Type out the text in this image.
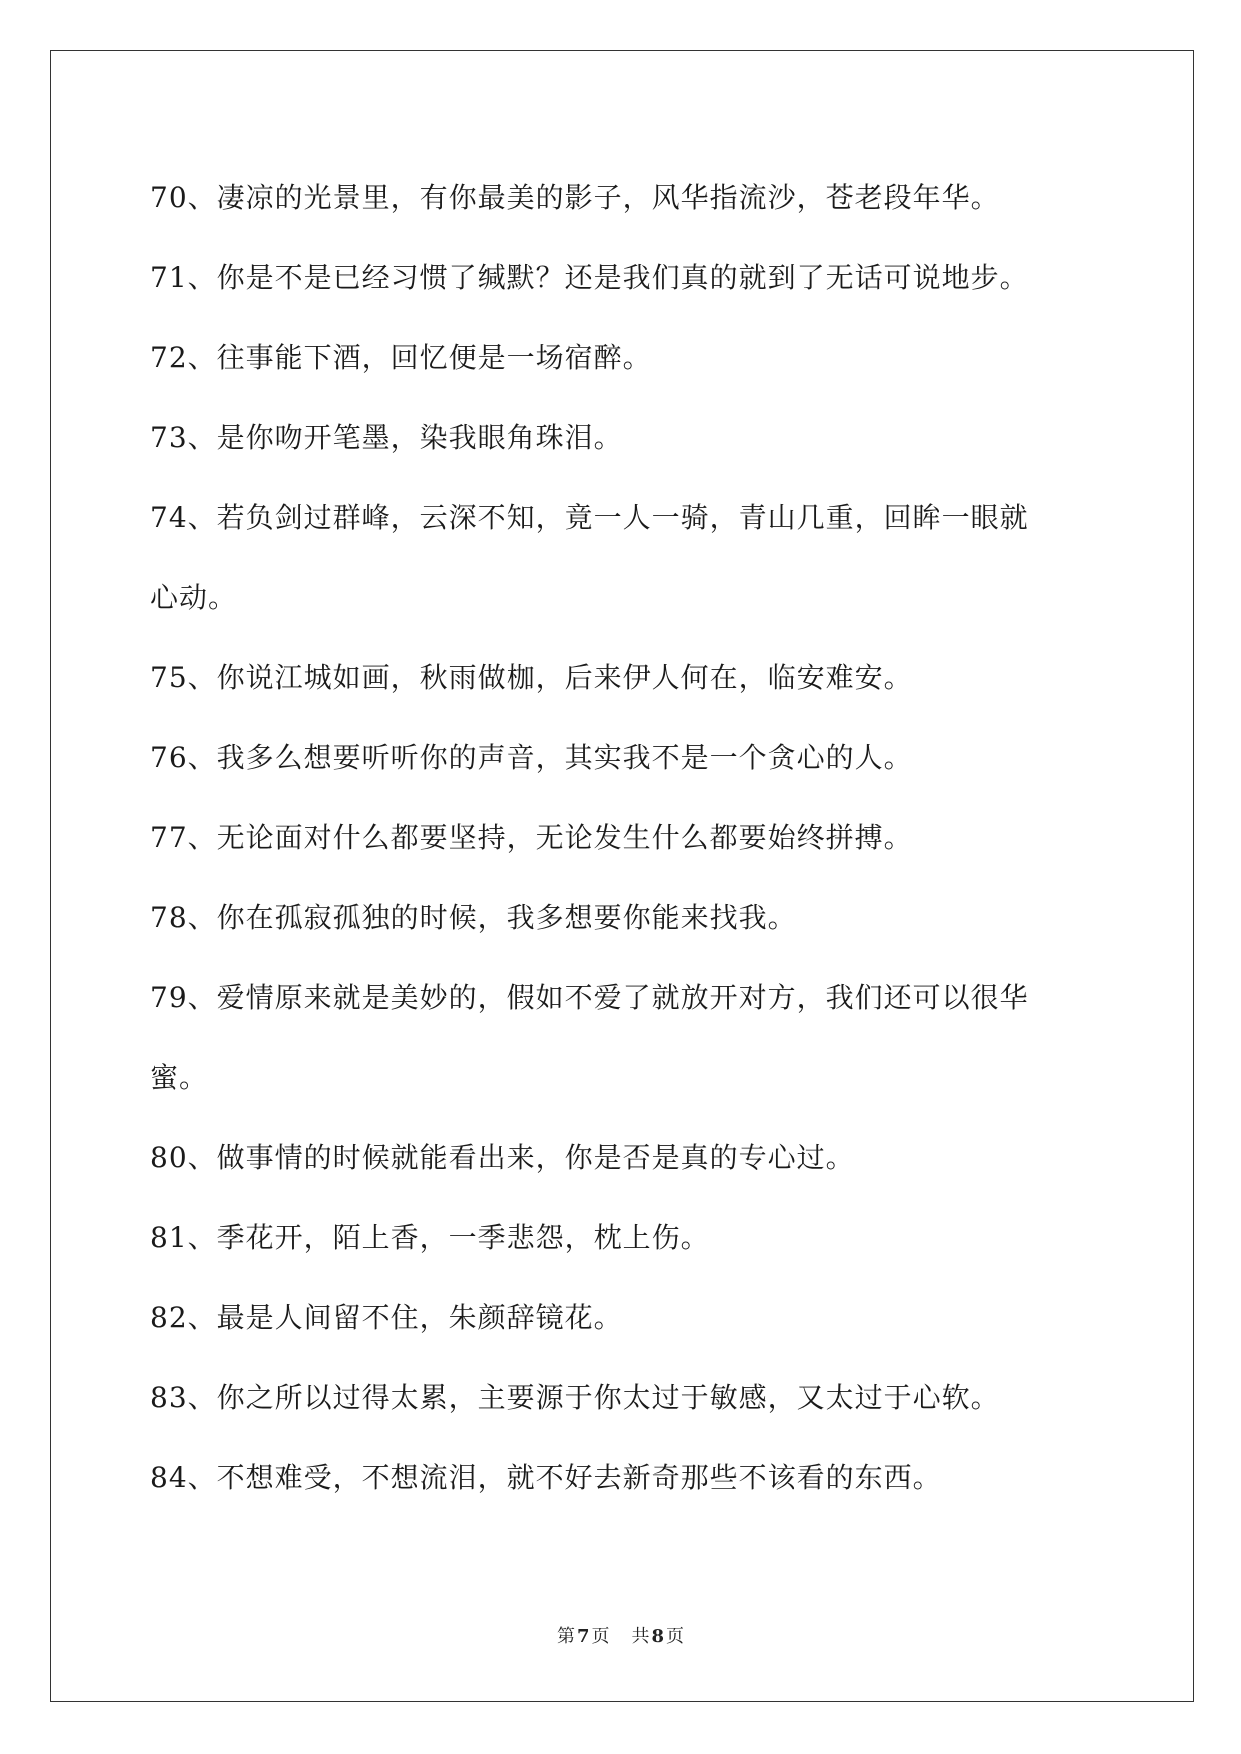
70、凄凉的光景里，有你最美的影子，风华指流沙，苍老段年华。
71、你是不是已经习惯了缄默？还是我们真的就到了无话可说地步。
72、往事能下酒，回忆便是一场宿醉。
73、是你吻开笔墨，染我眼角珠泪。
74、若负剑过群峰，云深不知，竟一人一骑，青山几重，回眸一眼就
心动。
75、你说江城如画，秋雨做枷，后来伊人何在，临安难安。
76、我多么想要听听你的声音，其实我不是一个贪心的人。
77、无论面对什么都要坚持，无论发生什么都要始终拼搏。
78、你在孤寂孤独的时候，我多想要你能来找我。
79、爱情原来就是美妙的，假如不爱了就放开对方，我们还可以很华
蜜。
80、做事情的时候就能看出来，你是否是真的专心过。
81、季花开，陌上香，一季悲怨，枕上伤。
82、最是人间留不住，朱颜辞镜花。
83、你之所以过得太累，主要源于你太过于敏感，又太过于心软。
84、不想难受，不想流泪，就不好去新奇那些不该看的东西。
第 7 页 共 8 页
